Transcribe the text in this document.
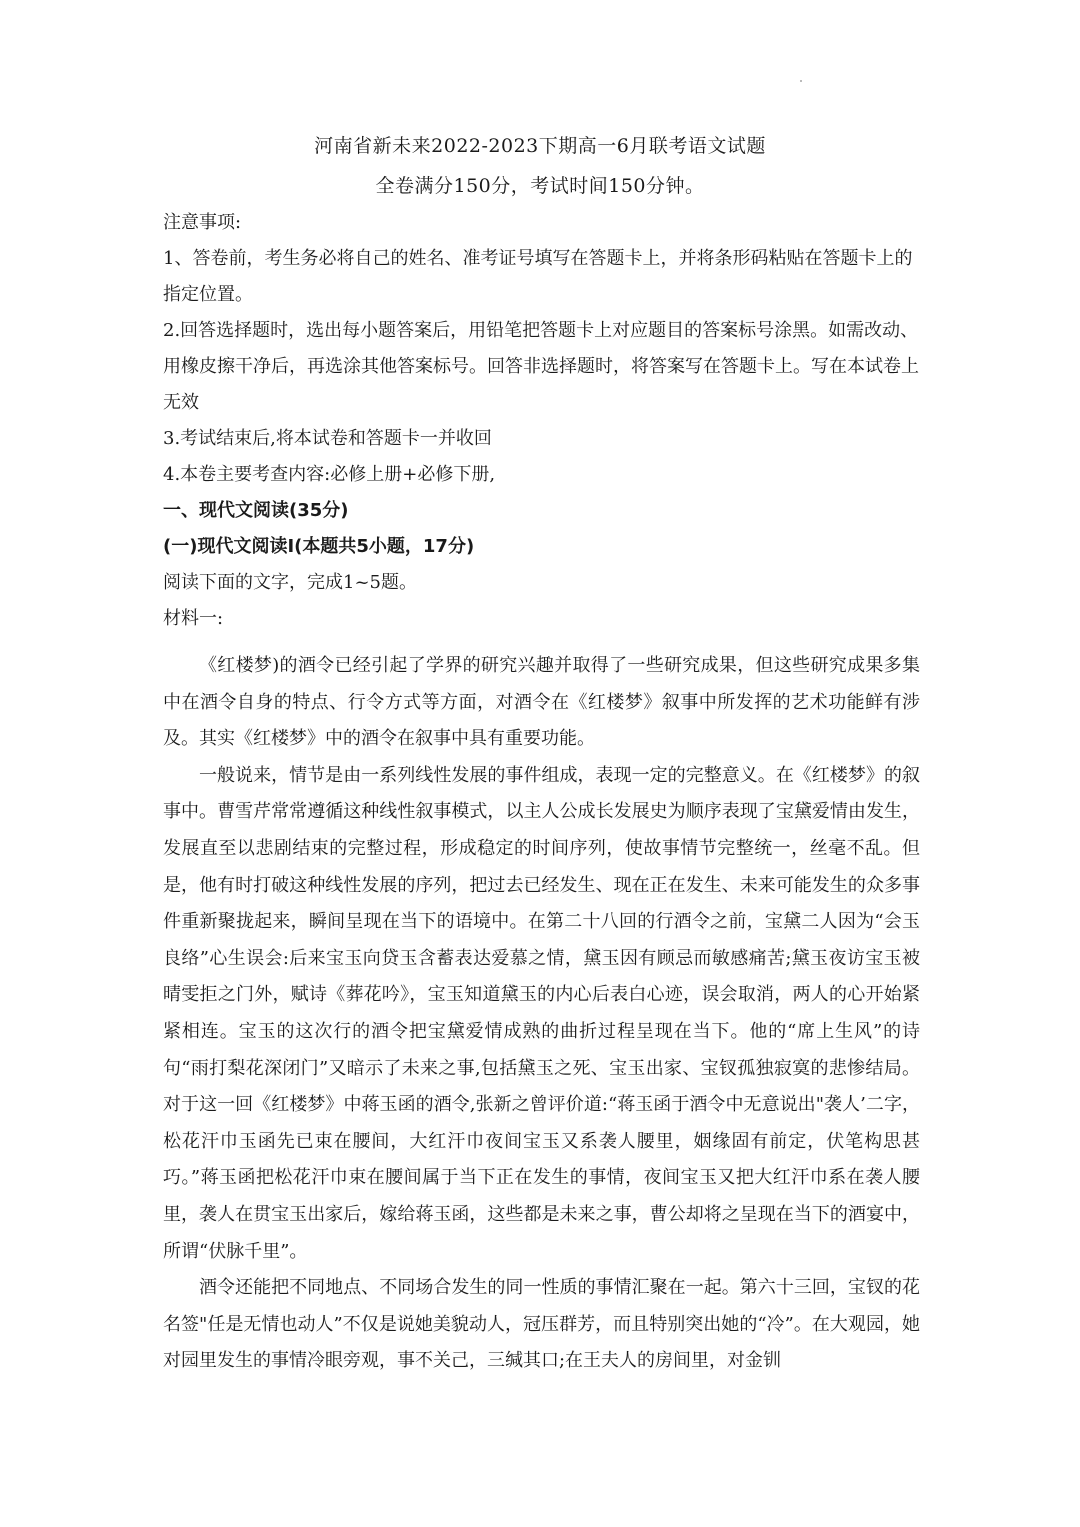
河南省新未来2022-2023下期高一6月联考语文试题
全卷满分150分，考试时间150分钟。

注意事项:

1、答卷前，考生务必将自己的姓名、准考证号填写在答题卡上，并将条形码粘贴在答题卡上的指定位置。

2.回答选择题时，选出每小题答案后，用铅笔把答题卡上对应题目的答案标号涂黑。如需改动、用橡皮擦干净后，再选涂其他答案标号。回答非选择题时，将答案写在答题卡上。写在本试卷上无效

3.考试结束后,将本试卷和答题卡一并收回

4.本卷主要考查内容:必修上册+必修下册,

一、现代文阅读(35分)

(一)现代文阅读I(本题共5小题，17分)

阅读下面的文字，完成1~5题。

材料一:

《红楼梦)的酒令已经引起了学界的研究兴趣并取得了一些研究成果，但这些研究成果多集中在酒令自身的特点、行令方式等方面，对酒令在《红楼梦》叙事中所发挥的艺术功能鲜有涉及。其实《红楼梦》中的酒令在叙事中具有重要功能。

一般说来，情节是由一系列线性发展的事件组成，表现一定的完整意义。在《红楼梦》的叙事中。曹雪芹常常遵循这种线性叙事模式，以主人公成长发展史为顺序表现了宝黛爱情由发生，发展直至以悲剧结束的完整过程，形成稳定的时间序列，使故事情节完整统一，丝毫不乱。但是，他有时打破这种线性发展的序列，把过去已经发生、现在正在发生、未来可能发生的众多事件重新聚拢起来，瞬间呈现在当下的语境中。在第二十八回的行酒令之前，宝黛二人因为“会玉良络”心生误会:后来宝玉向贷玉含蓄表达爱慕之情，黛玉因有顾忌而敏感痛苦;黛玉夜访宝玉被晴雯拒之门外，赋诗《葬花吟》，宝玉知道黛玉的内心后表白心迹，误会取消，两人的心开始紧紧相连。宝玉的这次行的酒令把宝黛爱情成熟的曲折过程呈现在当下。他的“席上生风”的诗句“雨打梨花深闭门”又暗示了未来之事,包括黛玉之死、宝玉出家、宝钗孤独寂寞的悲惨结局。对于这一回《红楼梦》中蒋玉函的酒令,张新之曾评价道:“蒋玉函于酒令中无意说出"袭人’二字，松花汗巾玉函先已束在腰间，大红汗巾夜间宝玉又系袭人腰里，姻缘固有前定，伏笔构思甚巧。”蒋玉函把松花汗巾束在腰间属于当下正在发生的事情，夜间宝玉又把大红汗巾系在袭人腰里，袭人在贯宝玉出家后，嫁给蒋玉函，这些都是未来之事，曹公却将之呈现在当下的酒宴中，所谓“伏脉千里”。

酒令还能把不同地点、不同场合发生的同一性质的事情汇聚在一起。第六十三回，宝钗的花名签"任是无情也动人”不仅是说她美貌动人，冠压群芳，而且特别突出她的“冷”。在大观园，她对园里发生的事情冷眼旁观，事不关己，三缄其口;在王夫人的房间里，对金钏
